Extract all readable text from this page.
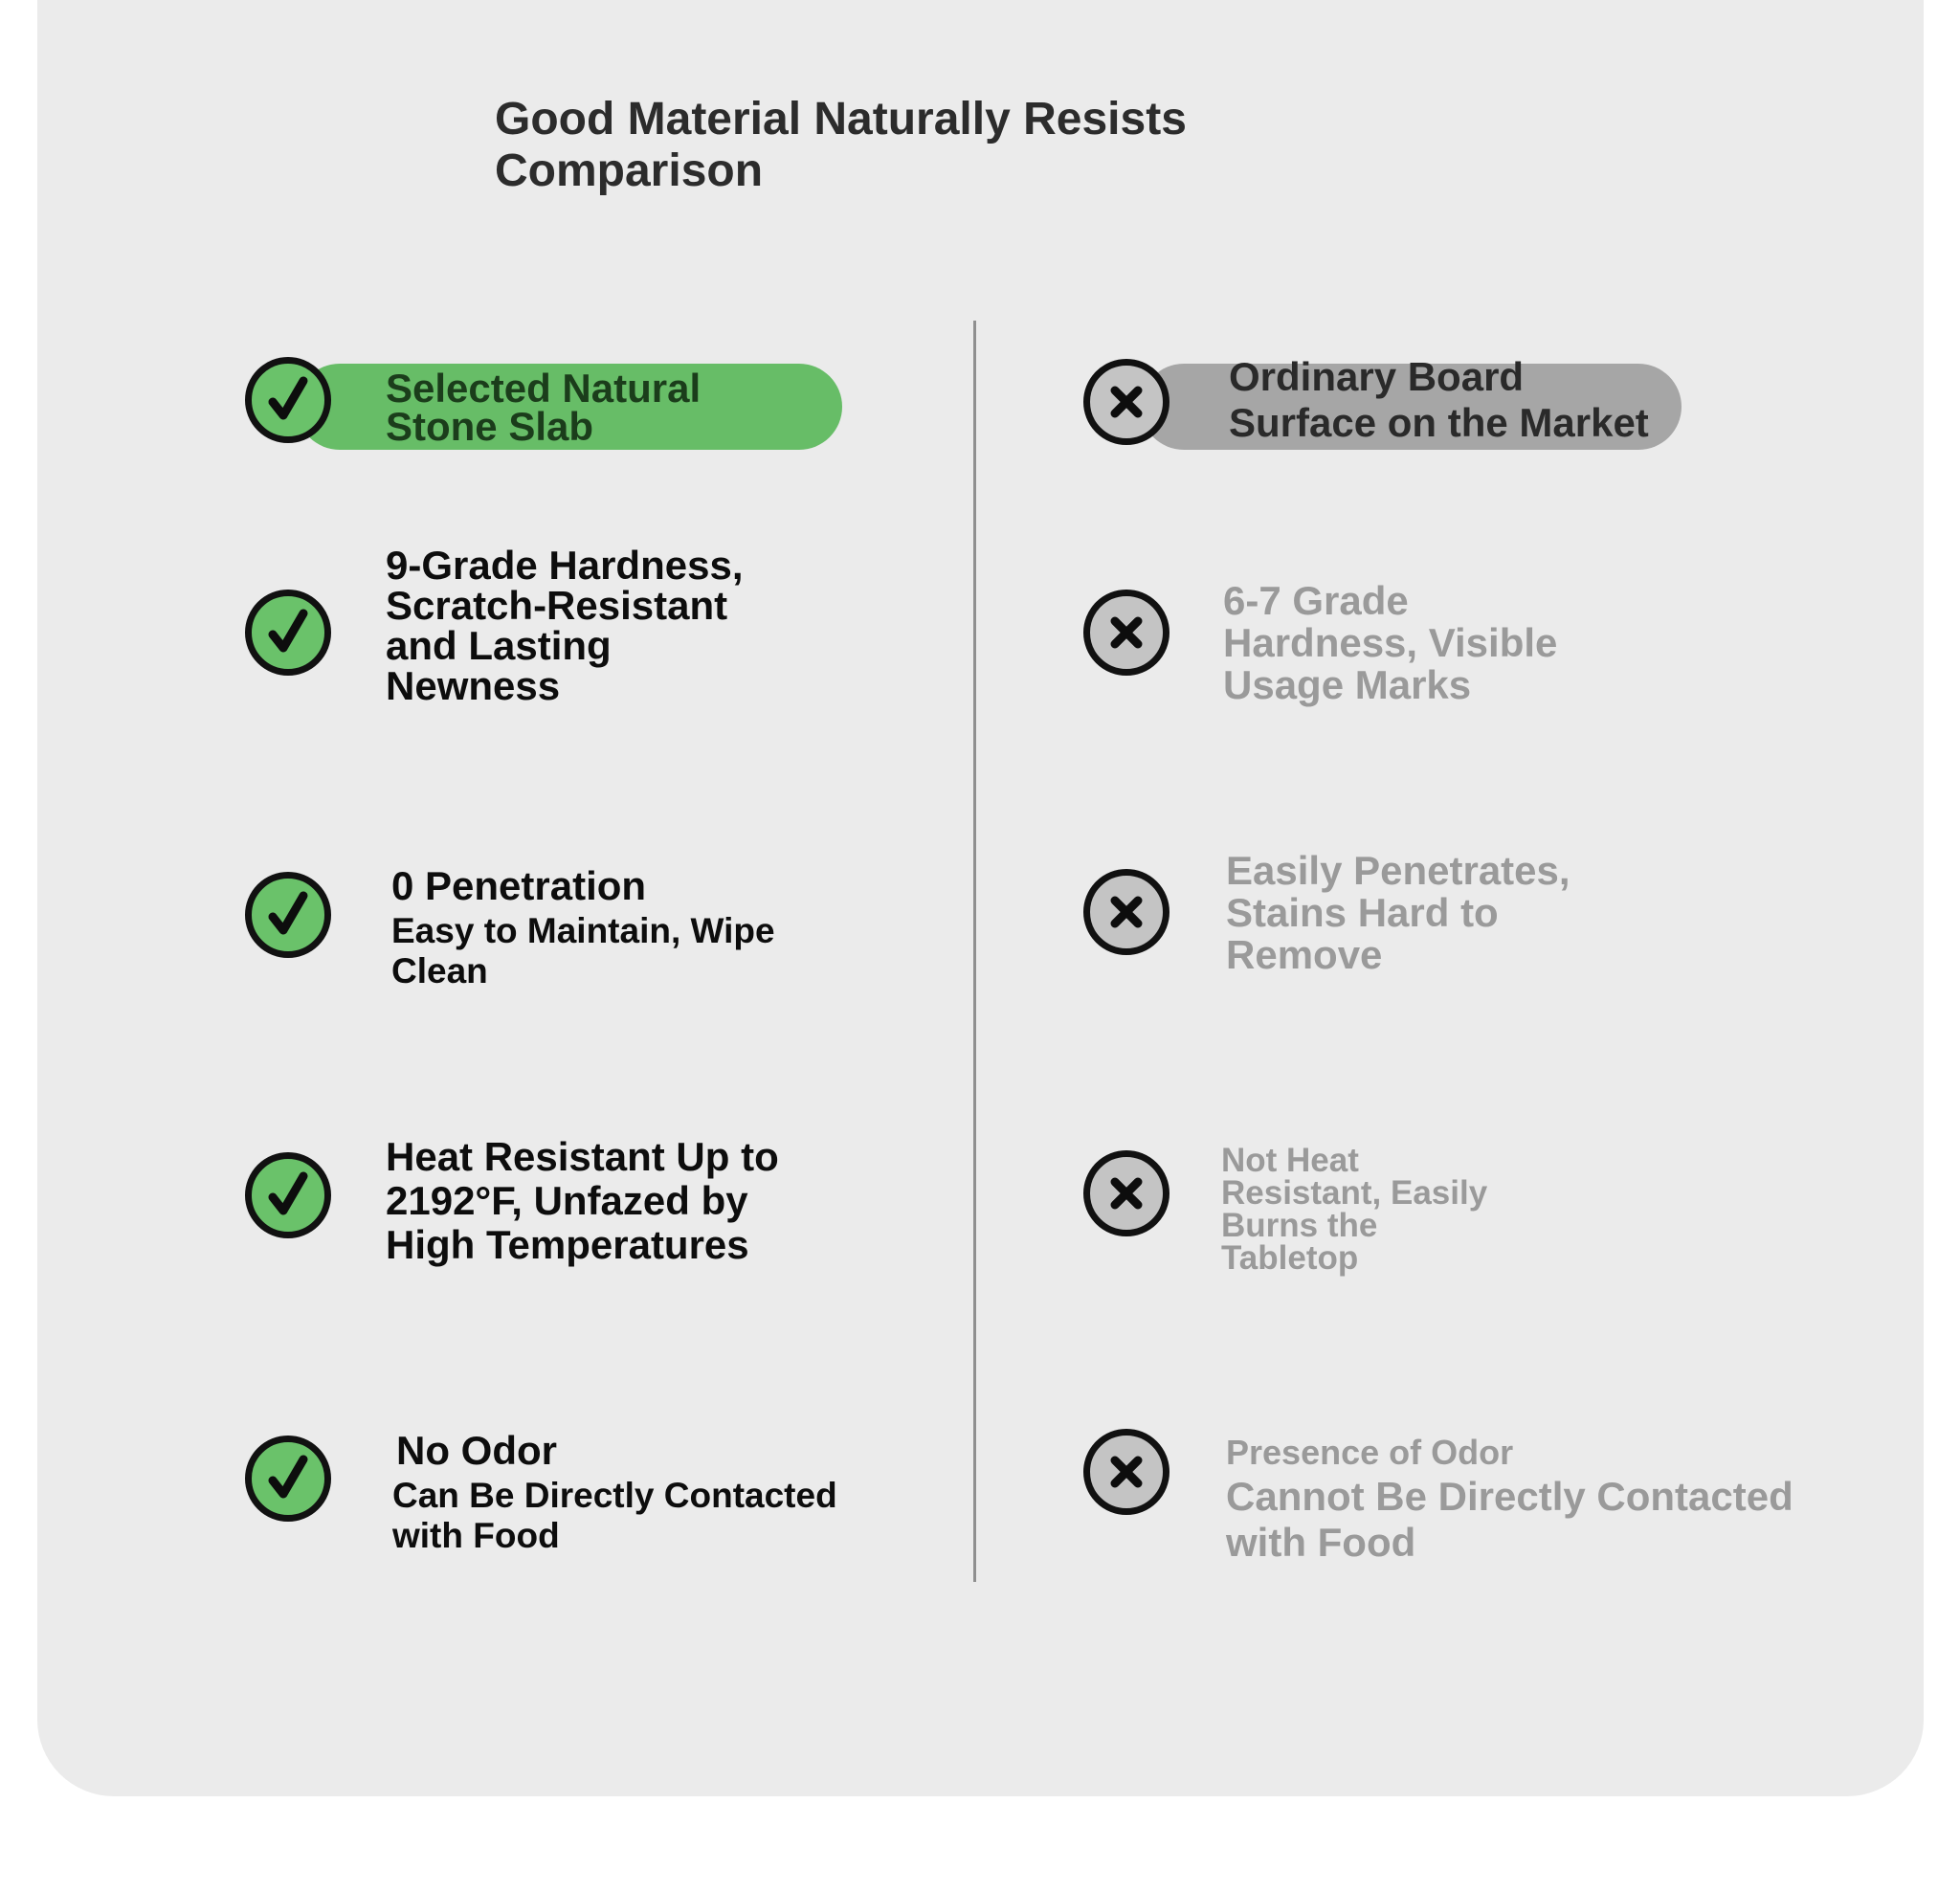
Good Material Naturally Resists
Comparison

Selected Natural
Stone Slab

Ordinary Board
Surface on the Market

9-Grade Hardness,
Scratch-Resistant
and Lasting
Newness

0 Penetration
Easy to Maintain, Wipe
Clean

Heat Resistant Up to
2192°F, Unfazed by
High Temperatures

No Odor
Can Be Directly Contacted
with Food

6-7 Grade
Hardness, Visible
Usage Marks

Easily Penetrates,
Stains Hard to
Remove

Not Heat
Resistant, Easily
Burns the
Tabletop

Presence of Odor
Cannot Be Directly Contacted
with Food
